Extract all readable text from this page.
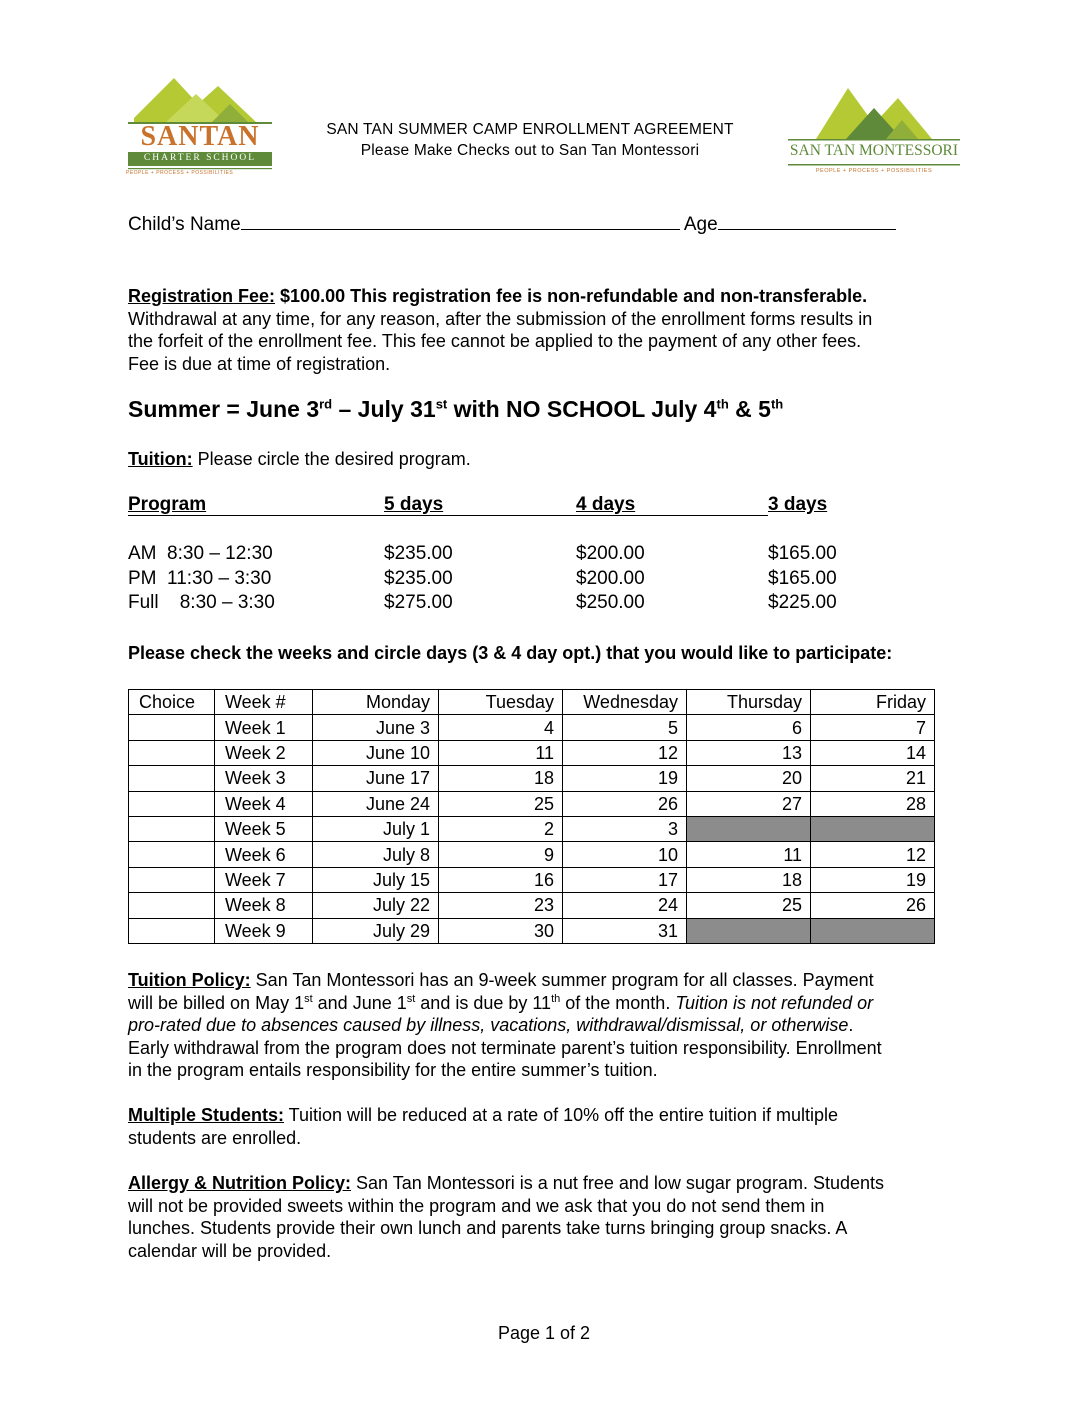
SANTAN
CHARTER SCHOOL
PEOPLE + PROCESS + POSSIBILITIES
SAN TAN SUMMER CAMP ENROLLMENT AGREEMENT
Please Make Checks out to San Tan Montessori	SAN TAN MONTESSORI
PEOPLE + PROCESS + POSSIBILITIES
Child’s Name	Age
Registration Fee: $100.00 This registration fee is non-refundable and non-transferable.
Withdrawal at any time, for any reason, after the submission of the enrollment forms results in
the forfeit of the enrollment fee. This fee cannot be applied to the payment of any other fees.
Fee is due at time of registration.
Summer = June 3rd – July 31st with NO SCHOOL July 4th & 5th
Tuition: Please circle the desired program.
Program	5 days	4 days	3 days
AM  8:30 – 12:30	$235.00	$200.00	$165.00
PM  11:30 – 3:30	$235.00	$200.00	$165.00
Full    8:30 – 3:30	$275.00	$250.00	$225.00
Please check the weeks and circle days (3 & 4 day opt.) that you would like to participate:
Choice	Week #	Monday	Tuesday	Wednesday	Thursday	Friday
	Week 1	June 3	4	5	6	7
	Week 2	June 10	11	12	13	14
	Week 3	June 17	18	19	20	21
	Week 4	June 24	25	26	27	28
	Week 5	July 1	2	3		
	Week 6	July 8	9	10	11	12
	Week 7	July 15	16	17	18	19
	Week 8	July 22	23	24	25	26
	Week 9	July 29	30	31		
Tuition Policy: San Tan Montessori has an 9-week summer program for all classes. Payment
will be billed on May 1st and June 1st and is due by 11th of the month. Tuition is not refunded or
pro-rated due to absences caused by illness, vacations, withdrawal/dismissal, or otherwise.
Early withdrawal from the program does not terminate parent’s tuition responsibility. Enrollment
in the program entails responsibility for the entire summer’s tuition.
Multiple Students: Tuition will be reduced at a rate of 10% off the entire tuition if multiple
students are enrolled.
Allergy & Nutrition Policy: San Tan Montessori is a nut free and low sugar program. Students
will not be provided sweets within the program and we ask that you do not send them in
lunches. Students provide their own lunch and parents take turns bringing group snacks. A
calendar will be provided.
Page 1 of 2
